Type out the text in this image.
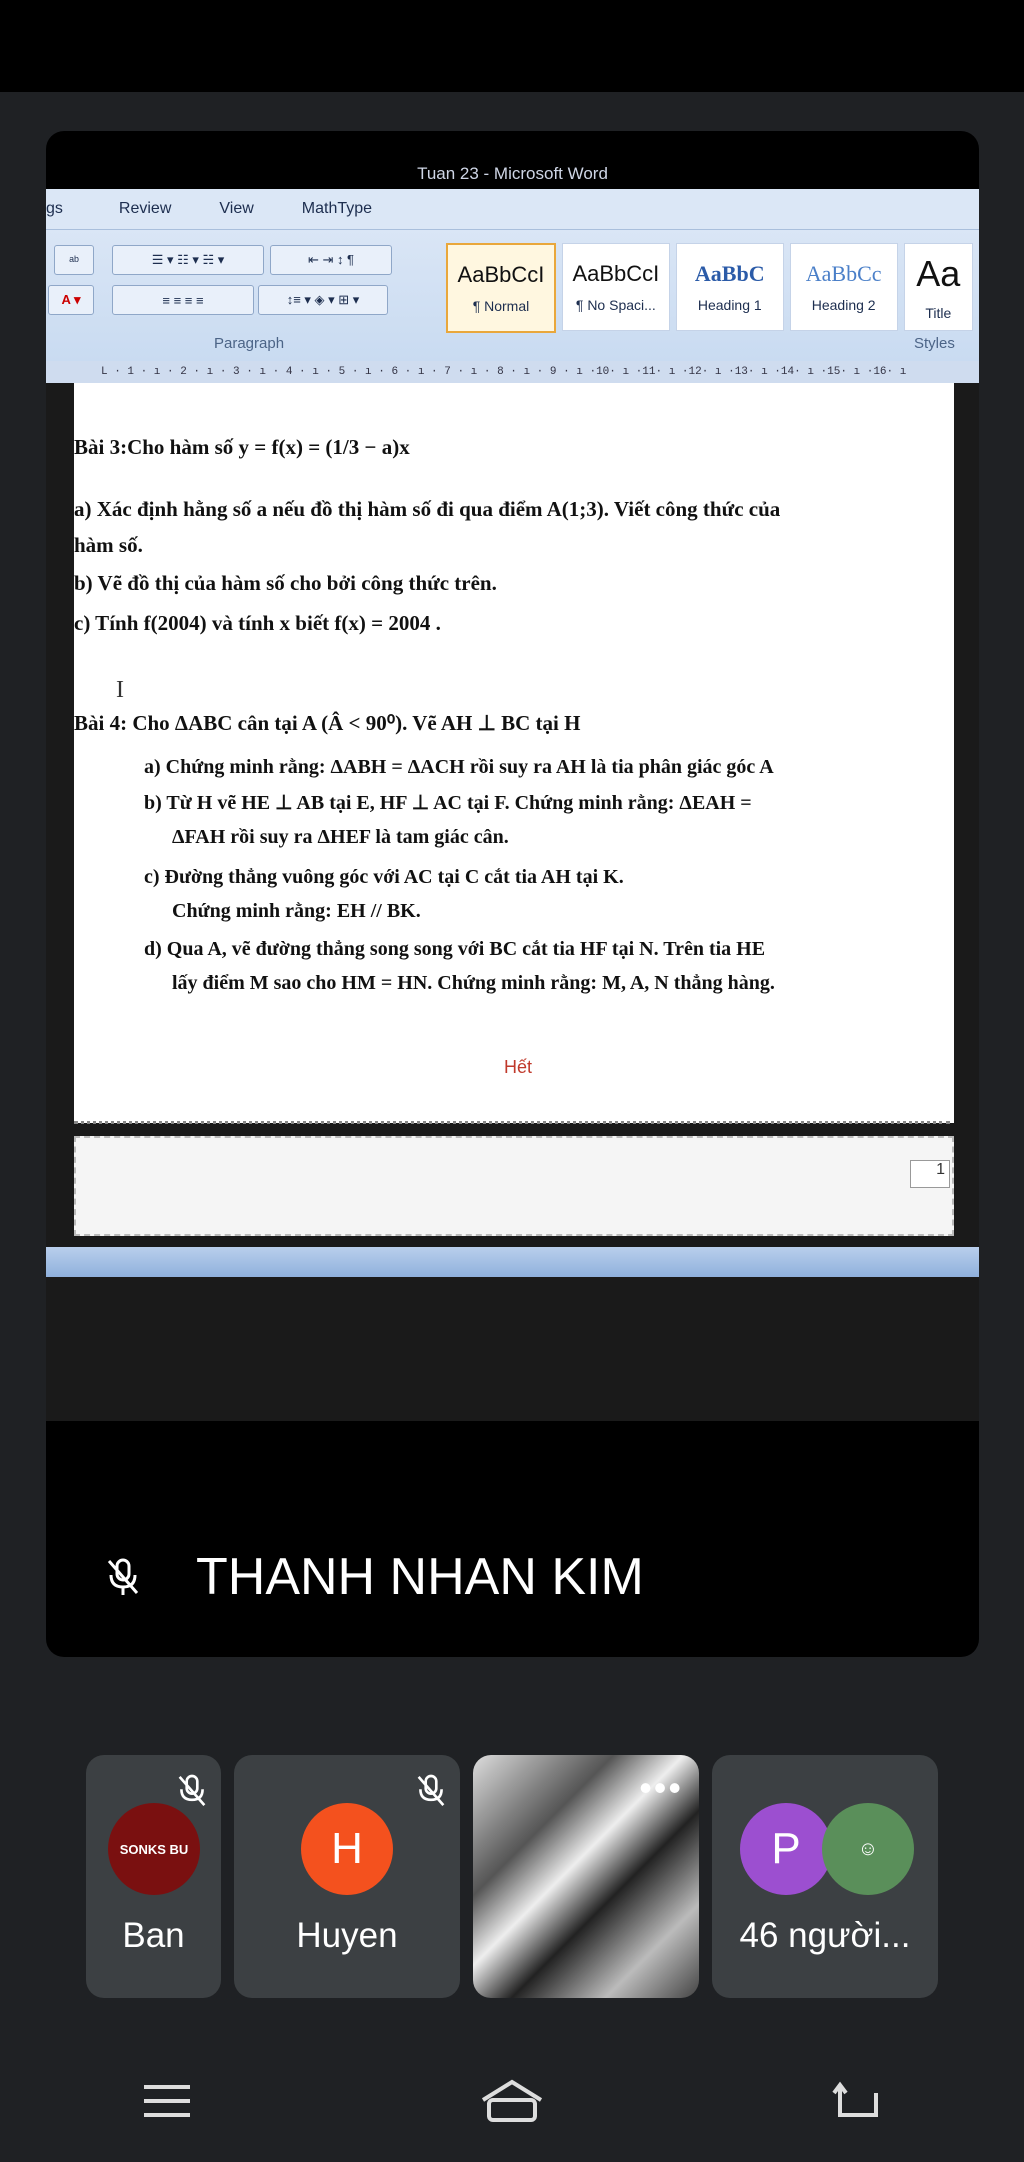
Tuan 23 - Microsoft Word
gs	Review	View	MathType
ᵃᵇ	☰ ▾ ☷ ▾ ☵ ▾	⇤ ⇥ ↕ ¶
A ▾	≡ ≡ ≡ ≡	↕≡ ▾ ◈ ▾ ⊞ ▾
AaBbCcI
¶ Normal
AaBbCcI
¶ No Spaci...
AaBbC
Heading 1
AaBbCc
Heading 2
Aa
Title
Paragraph	Styles
L · 1 · ı · 2 · ı · 3 · ı · 4 · ı · 5 · ı · 6 · ı · 7 · ı · 8 · ı · 9 · ı ·10· ı ·11· ı ·12· ı ·13· ı ·14· ı ·15· ı ·16· ı

Bài 3:Cho hàm số y = f(x) = (1/3 − a)x

a) Xác định hằng số a nếu đồ thị hàm số đi qua điểm A(1;3). Viết công thức của

hàm số.

b) Vẽ đồ thị của hàm số cho bởi công thức trên.

c) Tính f(2004) và tính x biết f(x) = 2004 .

I

Bài 4: Cho ΔABC cân tại A (Â < 90⁰). Vẽ AH ⊥ BC tại H

a) Chứng minh rằng: ΔABH = ΔACH rồi suy ra AH là tia phân giác góc A

b) Từ H vẽ HE ⊥ AB tại E, HF ⊥ AC tại F. Chứng minh rằng: ΔEAH =

ΔFAH rồi suy ra ΔHEF là tam giác cân.

c) Đường thẳng vuông góc với AC tại C cắt tia AH tại K.

Chứng minh rằng: EH // BK.

d) Qua A, vẽ đường thẳng song song với BC cắt tia HF tại N. Trên tia HE

lấy điểm M sao cho HM = HN. Chứng minh rằng: M, A, N thẳng hàng.

Hết

1
THANH NHAN KIM
SONKS BU
Ban
H
Huyen
•••
P	☺
46 người...
